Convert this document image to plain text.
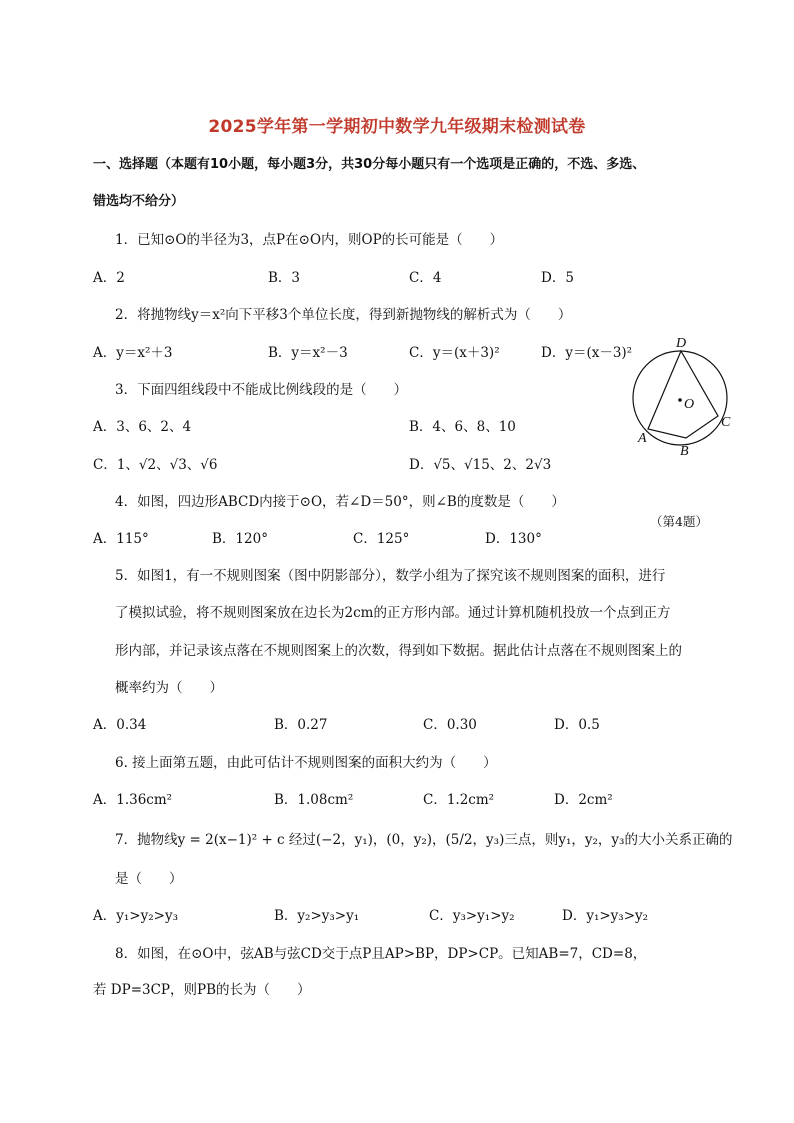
2025学年第一学期初中数学九年级期末检测试卷
一、选择题（本题有10小题，每小题3分，共30分每小题只有一个选项是正确的，不选、多选、
错选均不给分）
1．已知⊙O的半径为3，点P在⊙O内，则OP的长可能是（　　）
A．2	B．3	C．4	D．5
2．将抛物线y＝x²向下平移3个单位长度，得到新抛物线的解析式为（　　）
A．y＝x²＋3	B．y＝x²－3	C．y＝(x＋3)²	D．y＝(x－3)²
3．下面四组线段中不能成比例线段的是（　　）
A．3、6、2、4	B．4、6、8、10
C．1、√2、√3、√6	D．√5、√15、2、2√3
D
O
C
A
B
（第4题）
4．如图，四边形ABCD内接于⊙O，若∠D＝50°，则∠B的度数是（　　）
A．115°	B．120°	C．125°	D．130°
5．如图1，有一不规则图案（图中阴影部分），数学小组为了探究该不规则图案的面积，进行
了模拟试验，将不规则图案放在边长为2cm的正方形内部。通过计算机随机投放一个点到正方
形内部，并记录该点落在不规则图案上的次数，得到如下数据。据此估计点落在不规则图案上的
概率约为（　　）
A．0.34	B．0.27	C．0.30	D．0.5
6. 接上面第五题，由此可估计不规则图案的面积大约为（　　）
A．1.36cm²	B．1.08cm²	C．1.2cm²	D．2cm²
7．抛物线y = 2(x−1)² + c 经过(−2，y₁)，(0，y₂)，(5/2，y₃)三点，则y₁，y₂，y₃的大小关系正确的
是（　　）
A．y₁>y₂>y₃	B．y₂>y₃>y₁	C．y₃>y₁>y₂	D．y₁>y₃>y₂
8．如图，在⊙O中，弦AB与弦CD交于点P且AP>BP，DP>CP。已知AB=7，CD=8，
若 DP=3CP，则PB的长为（　　）
